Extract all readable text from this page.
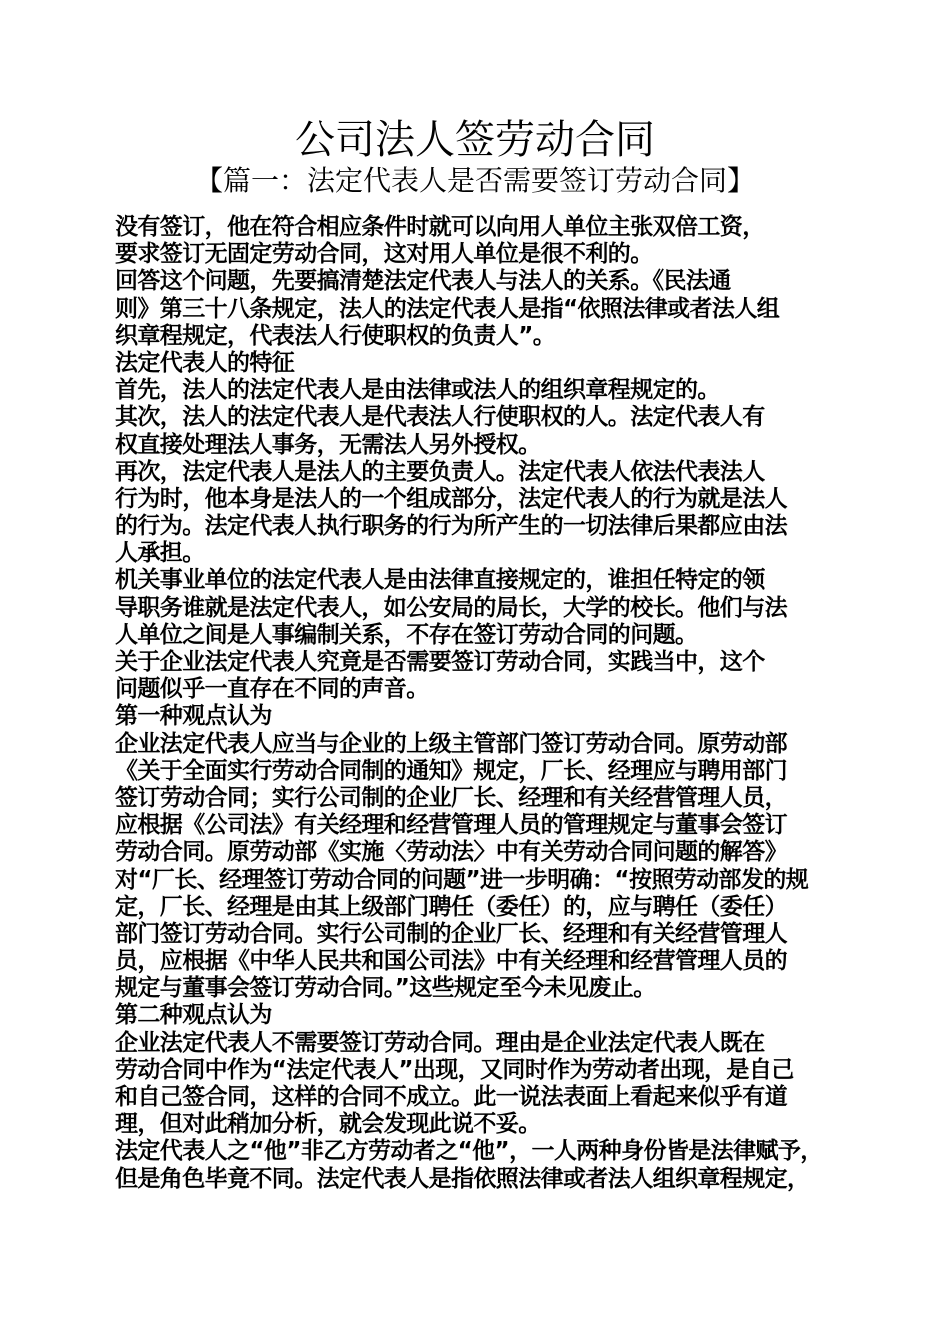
公司法人签劳动合同
【篇一：法定代表人是否需要签订劳动合同】
没有签订，他在符合相应条件时就可以向用人单位主张双倍工资，
要求签订无固定劳动合同，这对用人单位是很不利的。
回答这个问题，先要搞清楚法定代表人与法人的关系。《民法通
则》第三十八条规定，法人的法定代表人是指“依照法律或者法人组
织章程规定，代表法人行使职权的负责人”。
法定代表人的特征
首先，法人的法定代表人是由法律或法人的组织章程规定的。
其次，法人的法定代表人是代表法人行使职权的人。法定代表人有
权直接处理法人事务，无需法人另外授权。
再次，法定代表人是法人的主要负责人。法定代表人依法代表法人
行为时，他本身是法人的一个组成部分，法定代表人的行为就是法人
的行为。法定代表人执行职务的行为所产生的一切法律后果都应由法
人承担。
机关事业单位的法定代表人是由法律直接规定的，谁担任特定的领
导职务谁就是法定代表人，如公安局的局长，大学的校长。他们与法
人单位之间是人事编制关系，不存在签订劳动合同的问题。
关于企业法定代表人究竟是否需要签订劳动合同，实践当中，这个
问题似乎一直存在不同的声音。
第一种观点认为
企业法定代表人应当与企业的上级主管部门签订劳动合同。原劳动部
《关于全面实行劳动合同制的通知》规定，厂长、经理应与聘用部门
签订劳动合同；实行公司制的企业厂长、经理和有关经营管理人员，
应根据《公司法》有关经理和经营管理人员的管理规定与董事会签订
劳动合同。原劳动部《实施〈劳动法〉中有关劳动合同问题的解答》
对“厂长、经理签订劳动合同的问题”进一步明确：“按照劳动部发的规
定，厂长、经理是由其上级部门聘任（委任）的，应与聘任（委任）
部门签订劳动合同。实行公司制的企业厂长、经理和有关经营管理人
员，应根据《中华人民共和国公司法》中有关经理和经营管理人员的
规定与董事会签订劳动合同。”这些规定至今未见废止。
第二种观点认为
企业法定代表人不需要签订劳动合同。理由是企业法定代表人既在
劳动合同中作为“法定代表人”出现，又同时作为劳动者出现，是自己
和自己签合同，这样的合同不成立。此一说法表面上看起来似乎有道
理，但对此稍加分析，就会发现此说不妥。
法定代表人之“他”非乙方劳动者之“他”，一人两种身份皆是法律赋予，
但是角色毕竟不同。法定代表人是指依照法律或者法人组织章程规定，
